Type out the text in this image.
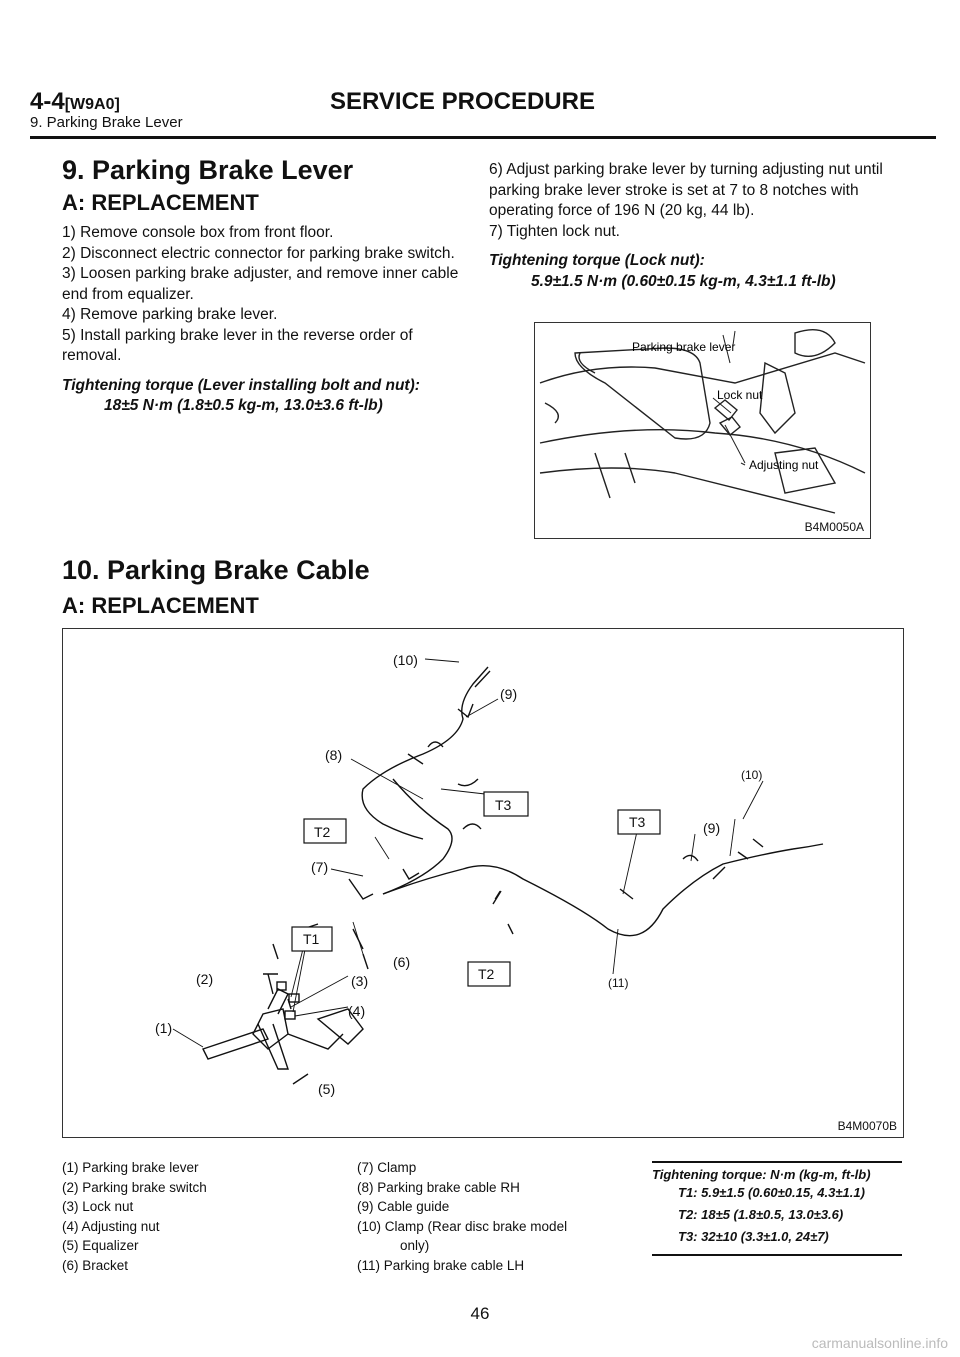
4-4[W9A0]	SERVICE PROCEDURE
9. Parking Brake Lever
9. Parking Brake Lever
A: REPLACEMENT
1) Remove console box from front floor.
2) Disconnect electric connector for parking brake switch.
3) Loosen parking brake adjuster, and remove inner cable end from equalizer.
4) Remove parking brake lever.
5) Install parking brake lever in the reverse order of removal.
Tightening torque (Lever installing bolt and nut):
18±5 N·m (1.8±0.5 kg-m, 13.0±3.6 ft-lb)
6) Adjust parking brake lever by turning adjusting nut until parking brake lever stroke is set at 7 to 8 notches with operating force of 196 N (20 kg, 44 lb).
7) Tighten lock nut.
Tightening torque (Lock nut):
5.9±1.5 N·m (0.60±0.15 kg-m, 4.3±1.1 ft-lb)
Parking brake lever
Lock nut
Adjusting nut
B4M0050A
10. Parking Brake Cable
A: REPLACEMENT
(10)
(9)
(8)
T3
T2
(7)
T3	(9)
(10)
(6)
T1
(2)	(3)
(4)
(1)
(5)
T2
(11)
B4M0070B
(1) Parking brake lever
(2) Parking brake switch
(3) Lock nut
(4) Adjusting nut
(5) Equalizer
(6) Bracket
(7) Clamp
(8) Parking brake cable RH
(9) Cable guide
(10) Clamp (Rear disc brake model
only)
(11) Parking brake cable LH
Tightening torque: N·m (kg-m, ft-lb)
T1: 5.9±1.5 (0.60±0.15, 4.3±1.1)
T2: 18±5 (1.8±0.5, 13.0±3.6)
T3: 32±10 (3.3±1.0, 24±7)
46
carmanualsonline.info
